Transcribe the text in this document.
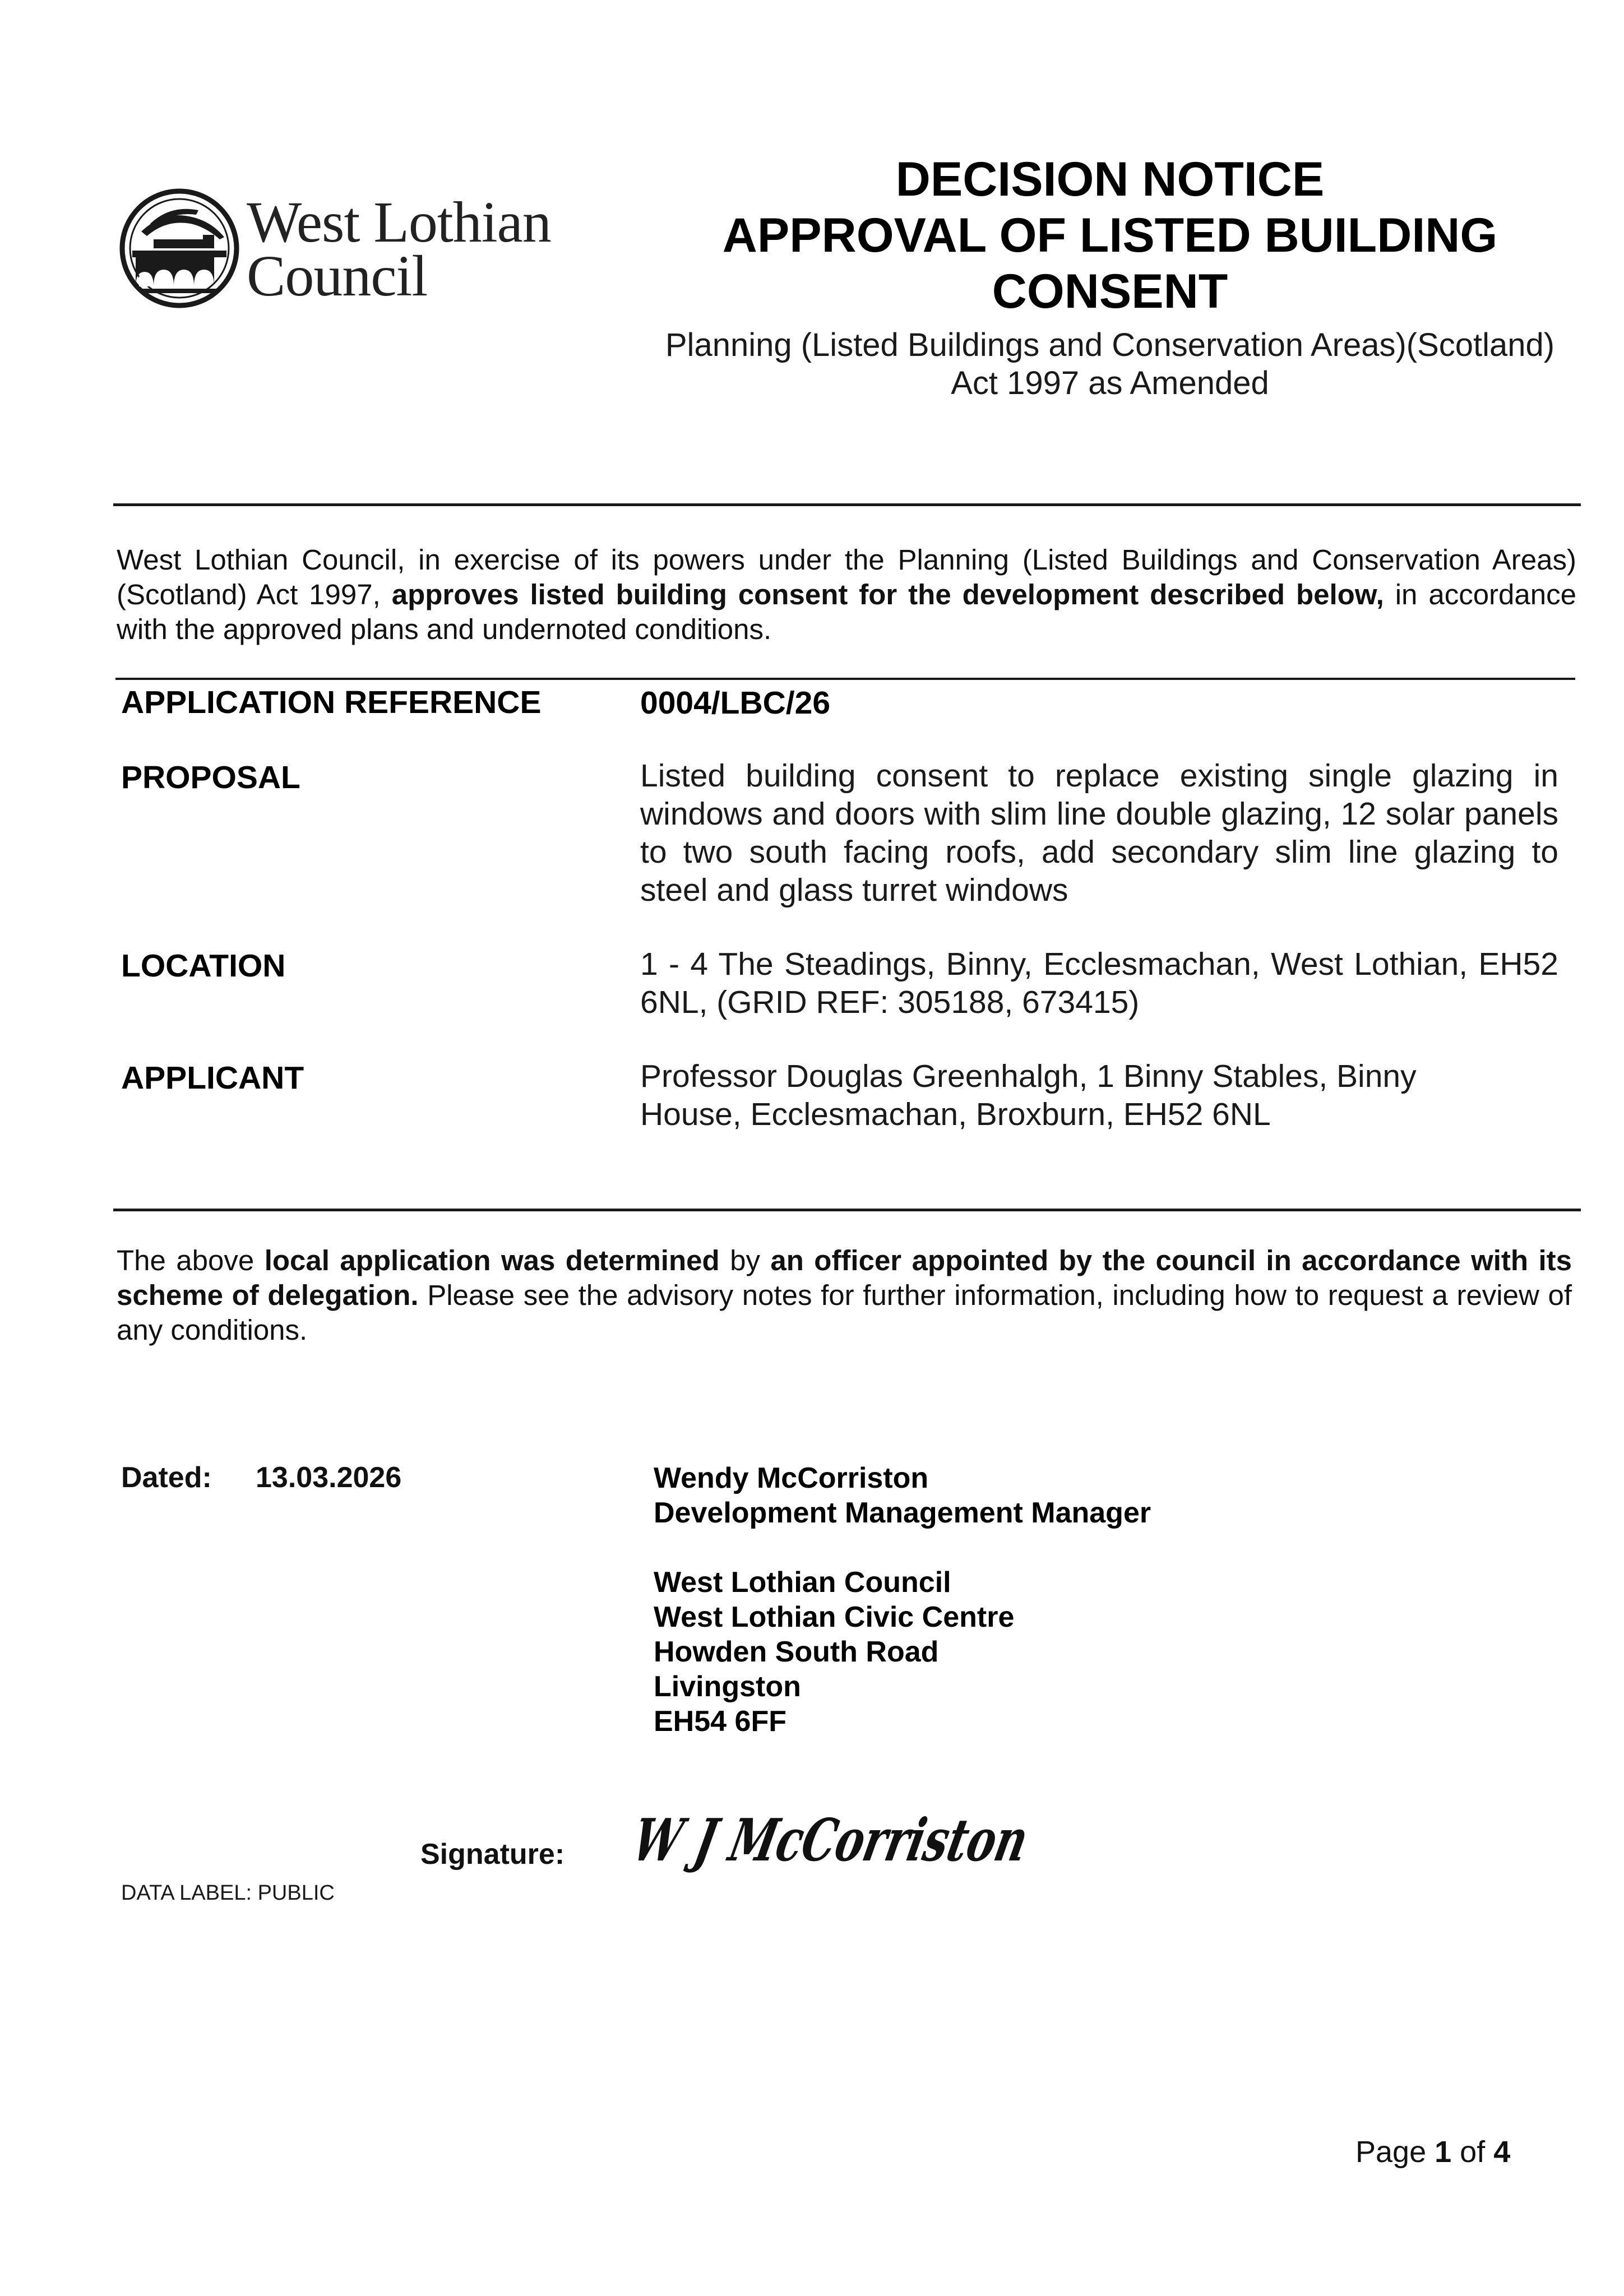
West Lothian
Council
DECISION NOTICE
APPROVAL OF LISTED BUILDING
CONSENT
Planning (Listed Buildings and Conservation Areas)(Scotland)
Act 1997 as Amended
West Lothian Council, in exercise of its powers under the Planning (Listed Buildings and Conservation Areas)(Scotland) Act 1997, approves listed building consent for the development described below, in accordance with the approved plans and undernoted conditions.
APPLICATION REFERENCE	0004/LBC/26
PROPOSAL	Listed building consent to replace existing single glazing in windows and doors with slim line double glazing, 12 solar panels to two south facing roofs, add secondary slim line glazing to steel and glass turret windows
LOCATION	1 - 4 The Steadings, Binny, Ecclesmachan, West Lothian, EH52 6NL, (GRID REF: 305188, 673415)
APPLICANT	Professor Douglas Greenhalgh, 1 Binny Stables, Binny
House, Ecclesmachan, Broxburn, EH52 6NL
The above local application was determined by an officer appointed by the council in accordance with its scheme of delegation. Please see the advisory notes for further information, including how to request a review of any conditions.
Dated: 13.03.2026	Wendy McCorriston
Development Management Manager
West Lothian Council
West Lothian Civic Centre
Howden South Road
Livingston
EH54 6FF
Signature: W J McCorriston
DATA LABEL: PUBLIC
Page 1 of 4
